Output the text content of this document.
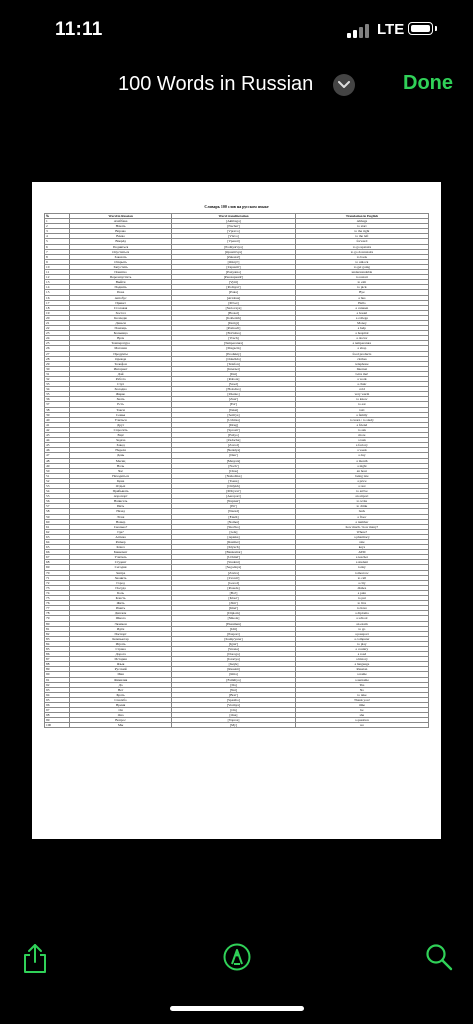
11:11	LTE
100 Words in Russian	Done
Словарь 100 слов на русском языке
№	Word in Russian	Word transliteration	Translation in English
1	Ахаббака	[Akhbaga]	Ahbaga
2	Начать	[Nachat']	to start
3	Вправо	[Vpravo]	to the right
4	Влево	[Vlevo]	to the left
5	Вперёд	[Vpered]	forward
6	Подняться	[Podnyat'sya]	to go upstairs
7	Опуститься	[Opustit'sya]	to go downstairs
8	Заказать	[Zakazat']	to book
9	Открыть	[Otkryt']	to unlock
10	Запустить	[Zapustit']	to get going
11	Понятно	[Ponyatno]	understandable
12	Перезапустить	[Perezapustit']	to restart
13	Выйти	[Vyiti]	to exit
14	Поднять	[Podnyat']	to pick
15	Пока	[Poka]	Bye
16	Автобус	[Avtobus]	a bus
17	Привет	[Privet]	Hello
18	Столовая	[Stolovaya]	a canteen
19	Хостел	[Hostel]	a hostel
20	Колледж	[Kolledzh]	a college
21	Деньги	[Den'gi]	Money
22	Помощь	[Pomosh']	a help
23	Больница	[Bol'nitsa]	a hospital
24	Врач	[Vrach]	a doctor
25	Температура	[Temperatura]	a temperature
26	Магазин	[Magazin]	a shop
27	Продукты	[Produkty]	food products
28	Одежда	[Odezhda]	clothes
29	Телефон	[Telefon]	telephone
30	Интернет	[Internet]	Internet
31	Дай	[Dai]	Give me!
32	Работа	[Rabota]	a work
33	Стул	[Stool]	a chair
34	Холодно	[Holodno]	cold
35	Жарко	[Zharko]	very warm
36	Знать	[Znat']	to know
37	Есть	[Est']	to eat
38	Такси	[Taksi]	taxi
39	Семья	[Sem'ya]	a family
40	Учиться	[Uchitsa]	to learn / to study
41	Друг	[Drug]	a friend
42	Спросить	[Sprosit']	to ask
43	Ещё	[Eshyo]	more
44	Задача	[Zadacha]	a task
45	Завод	[Zavod]	a factory
46	Неделя	[Nedelya]	a week
47	День	[Den']	a day
48	Месяц	[Mesyats]	a month
49	Ночь	[Noch']	a night
50	Час	[Chas]	an hour
51	Находиться	[Nahoditsa]	being late
52	Цена	[Tsena]	a price
53	Отдых	[Otdykh]	a rest
54	Прибывать	[Pribyvat']	to arrive
55	Аэропорт	[Aeroport]	an airport
56	Написать	[Napisat']	to write
57	Пить	[Pit']	to drink
58	Назад	[Nazad]	back
59	Этаж	[Etazh]	a floor
60	Номер	[Nomer]	a number
61	Сколько?	[Skol'ko]	how much / how many?
62	Где?	[Gde]	Where?
63	Аптека	[Apteka]	a pharmacy
64	Размер	[Razmer]	size
65	Ключ	[Klyuch]	keys
66	Банкомат	[Bankomat]	ATM
67	Учитель	[Uchitel']	a teacher
68	Студент	[Student]	a student
69	Сегодня	[Segodnya]	today
70	Завтра	[Zavtra]	tomorrow
71	Звонить	[Zvonit']	to call
72	Город	[Gorod]	a city
73	Посуда	[Posuda]	dishes
74	Боль	[Bol']	a pain
75	Класть	[Klast']	to put
76	Жить	[Zhit']	to live
77	Иметь	[Imet']	to have
78	Диплом	[Diplom]	a diploma
79	Школа	[Shkola]	a school
80	Экзамен	[Ekzamen]	an exam
81	Идти	[Idti]	to go
82	Паспорт	[Pasport]	a passport
83	Компьютер	[Komp'yuter]	a computer
84	Играть	[Igrat']	to play
85	Страна	[Strana]	a country
86	Дорога	[Doroga]	a road
87	История	[Istoriya]	a history
88	Язык	[Iazyk]	a language
89	Русский	[Russkii]	Russian
90	Имя	[Imia]	a name
91	Фамилия	[Familiya]	a surname
92	Да	[Da]	Yes
93	Нет	[Net]	No
94	Брать	[Brat']	to take
95	Спасибо	[Spasibo]	Thank you!
96	Время	[Vremya]	time
97	Он	[On]	he
98	Она	[Ona]	she
99	Вопрос	[Vopros]	a question
100	Мы	[My]	we
